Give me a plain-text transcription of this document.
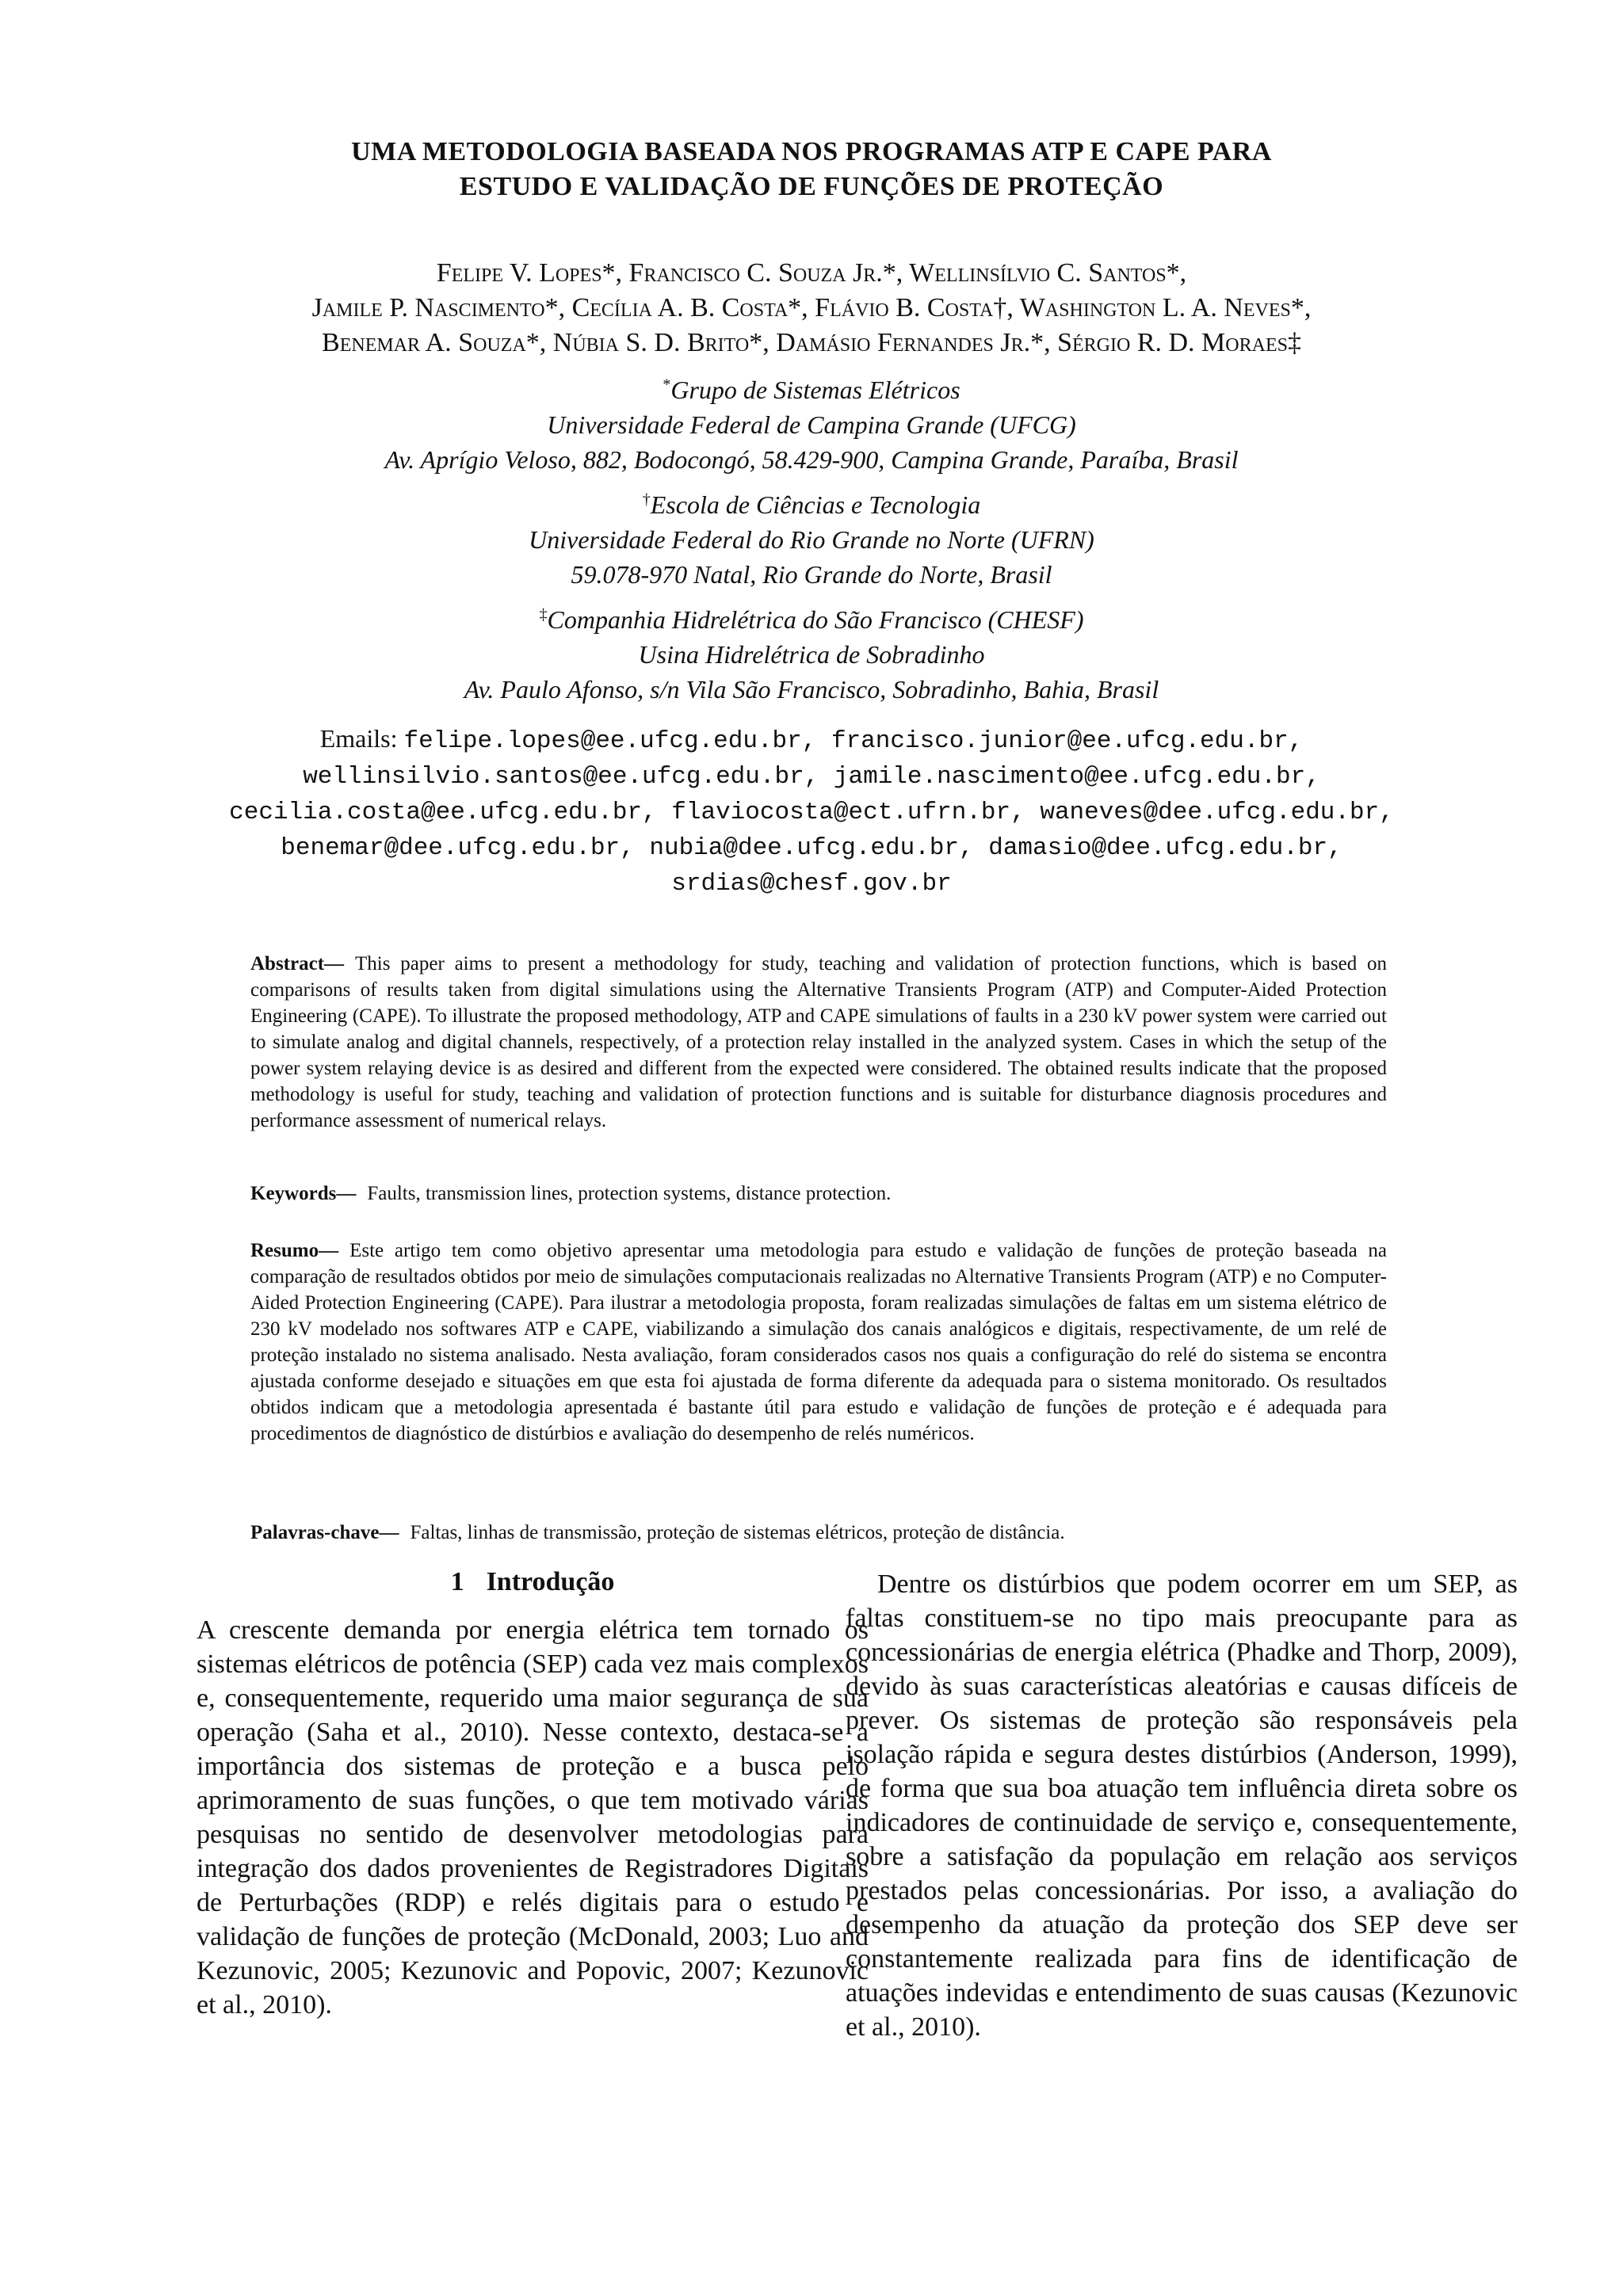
UMA METODOLOGIA BASEADA NOS PROGRAMAS ATP E CAPE PARA
ESTUDO E VALIDAÇÃO DE FUNÇÕES DE PROTEÇÃO
Felipe V. Lopes*, Francisco C. Souza Jr.*, Wellinsílvio C. Santos*,
Jamile P. Nascimento*, Cecília A. B. Costa*, Flávio B. Costa†, Washington L. A. Neves*,
Benemar A. Souza*, Núbia S. D. Brito*, Damásio Fernandes Jr.*, Sérgio R. D. Moraes‡
*Grupo de Sistemas Elétricos
Universidade Federal de Campina Grande (UFCG)
Av. Aprígio Veloso, 882, Bodocongó, 58.429-900, Campina Grande, Paraíba, Brasil
†Escola de Ciências e Tecnologia
Universidade Federal do Rio Grande no Norte (UFRN)
59.078-970 Natal, Rio Grande do Norte, Brasil
‡Companhia Hidrelétrica do São Francisco (CHESF)
Usina Hidrelétrica de Sobradinho
Av. Paulo Afonso, s/n Vila São Francisco, Sobradinho, Bahia, Brasil
Emails: felipe.lopes@ee.ufcg.edu.br, francisco.junior@ee.ufcg.edu.br,
wellinsilvio.santos@ee.ufcg.edu.br, jamile.nascimento@ee.ufcg.edu.br,
cecilia.costa@ee.ufcg.edu.br, flaviocosta@ect.ufrn.br, waneves@dee.ufcg.edu.br,
benemar@dee.ufcg.edu.br, nubia@dee.ufcg.edu.br, damasio@dee.ufcg.edu.br,
srdias@chesf.gov.br
Abstract— This paper aims to present a methodology for study, teaching and validation of protection functions, which is based on comparisons of results taken from digital simulations using the Alternative Transients Program (ATP) and Computer-Aided Protection Engineering (CAPE). To illustrate the proposed methodology, ATP and CAPE simulations of faults in a 230 kV power system were carried out to simulate analog and digital channels, respectively, of a protection relay installed in the analyzed system. Cases in which the setup of the power system relaying device is as desired and different from the expected were considered. The obtained results indicate that the proposed methodology is useful for study, teaching and validation of protection functions and is suitable for disturbance diagnosis procedures and performance assessment of numerical relays.
Keywords— Faults, transmission lines, protection systems, distance protection.
Resumo— Este artigo tem como objetivo apresentar uma metodologia para estudo e validação de funções de proteção baseada na comparação de resultados obtidos por meio de simulações computacionais realizadas no Alternative Transients Program (ATP) e no Computer-Aided Protection Engineering (CAPE). Para ilustrar a metodologia proposta, foram realizadas simulações de faltas em um sistema elétrico de 230 kV modelado nos softwares ATP e CAPE, viabilizando a simulação dos canais analógicos e digitais, respectivamente, de um relé de proteção instalado no sistema analisado. Nesta avaliação, foram considerados casos nos quais a configuração do relé do sistema se encontra ajustada conforme desejado e situações em que esta foi ajustada de forma diferente da adequada para o sistema monitorado. Os resultados obtidos indicam que a metodologia apresentada é bastante útil para estudo e validação de funções de proteção e é adequada para procedimentos de diagnóstico de distúrbios e avaliação do desempenho de relés numéricos.
Palavras-chave— Faltas, linhas de transmissão, proteção de sistemas elétricos, proteção de distância.
1 Introdução

A crescente demanda por energia elétrica tem tornado os sistemas elétricos de potência (SEP) cada vez mais complexos e, consequentemente, requerido uma maior segurança de sua operação (Saha et al., 2010). Nesse contexto, destaca-se a importância dos sistemas de proteção e a busca pelo aprimoramento de suas funções, o que tem motivado várias pesquisas no sentido de desenvolver metodologias para integração dos dados provenientes de Registradores Digitais de Perturbações (RDP) e relés digitais para o estudo e validação de funções de proteção (McDonald, 2003; Luo and Kezunovic, 2005; Kezunovic and Popovic, 2007; Kezunovic et al., 2010).

Dentre os distúrbios que podem ocorrer em um SEP, as faltas constituem-se no tipo mais preocupante para as concessionárias de energia elétrica (Phadke and Thorp, 2009), devido às suas características aleatórias e causas difíceis de prever. Os sistemas de proteção são responsáveis pela isolação rápida e segura destes distúrbios (Anderson, 1999), de forma que sua boa atuação tem influência direta sobre os indicadores de continuidade de serviço e, consequentemente, sobre a satisfação da população em relação aos serviços prestados pelas concessionárias. Por isso, a avaliação do desempenho da atuação da proteção dos SEP deve ser constantemente realizada para fins de identificação de atuações indevidas e entendimento de suas causas (Kezunovic et al., 2010).
